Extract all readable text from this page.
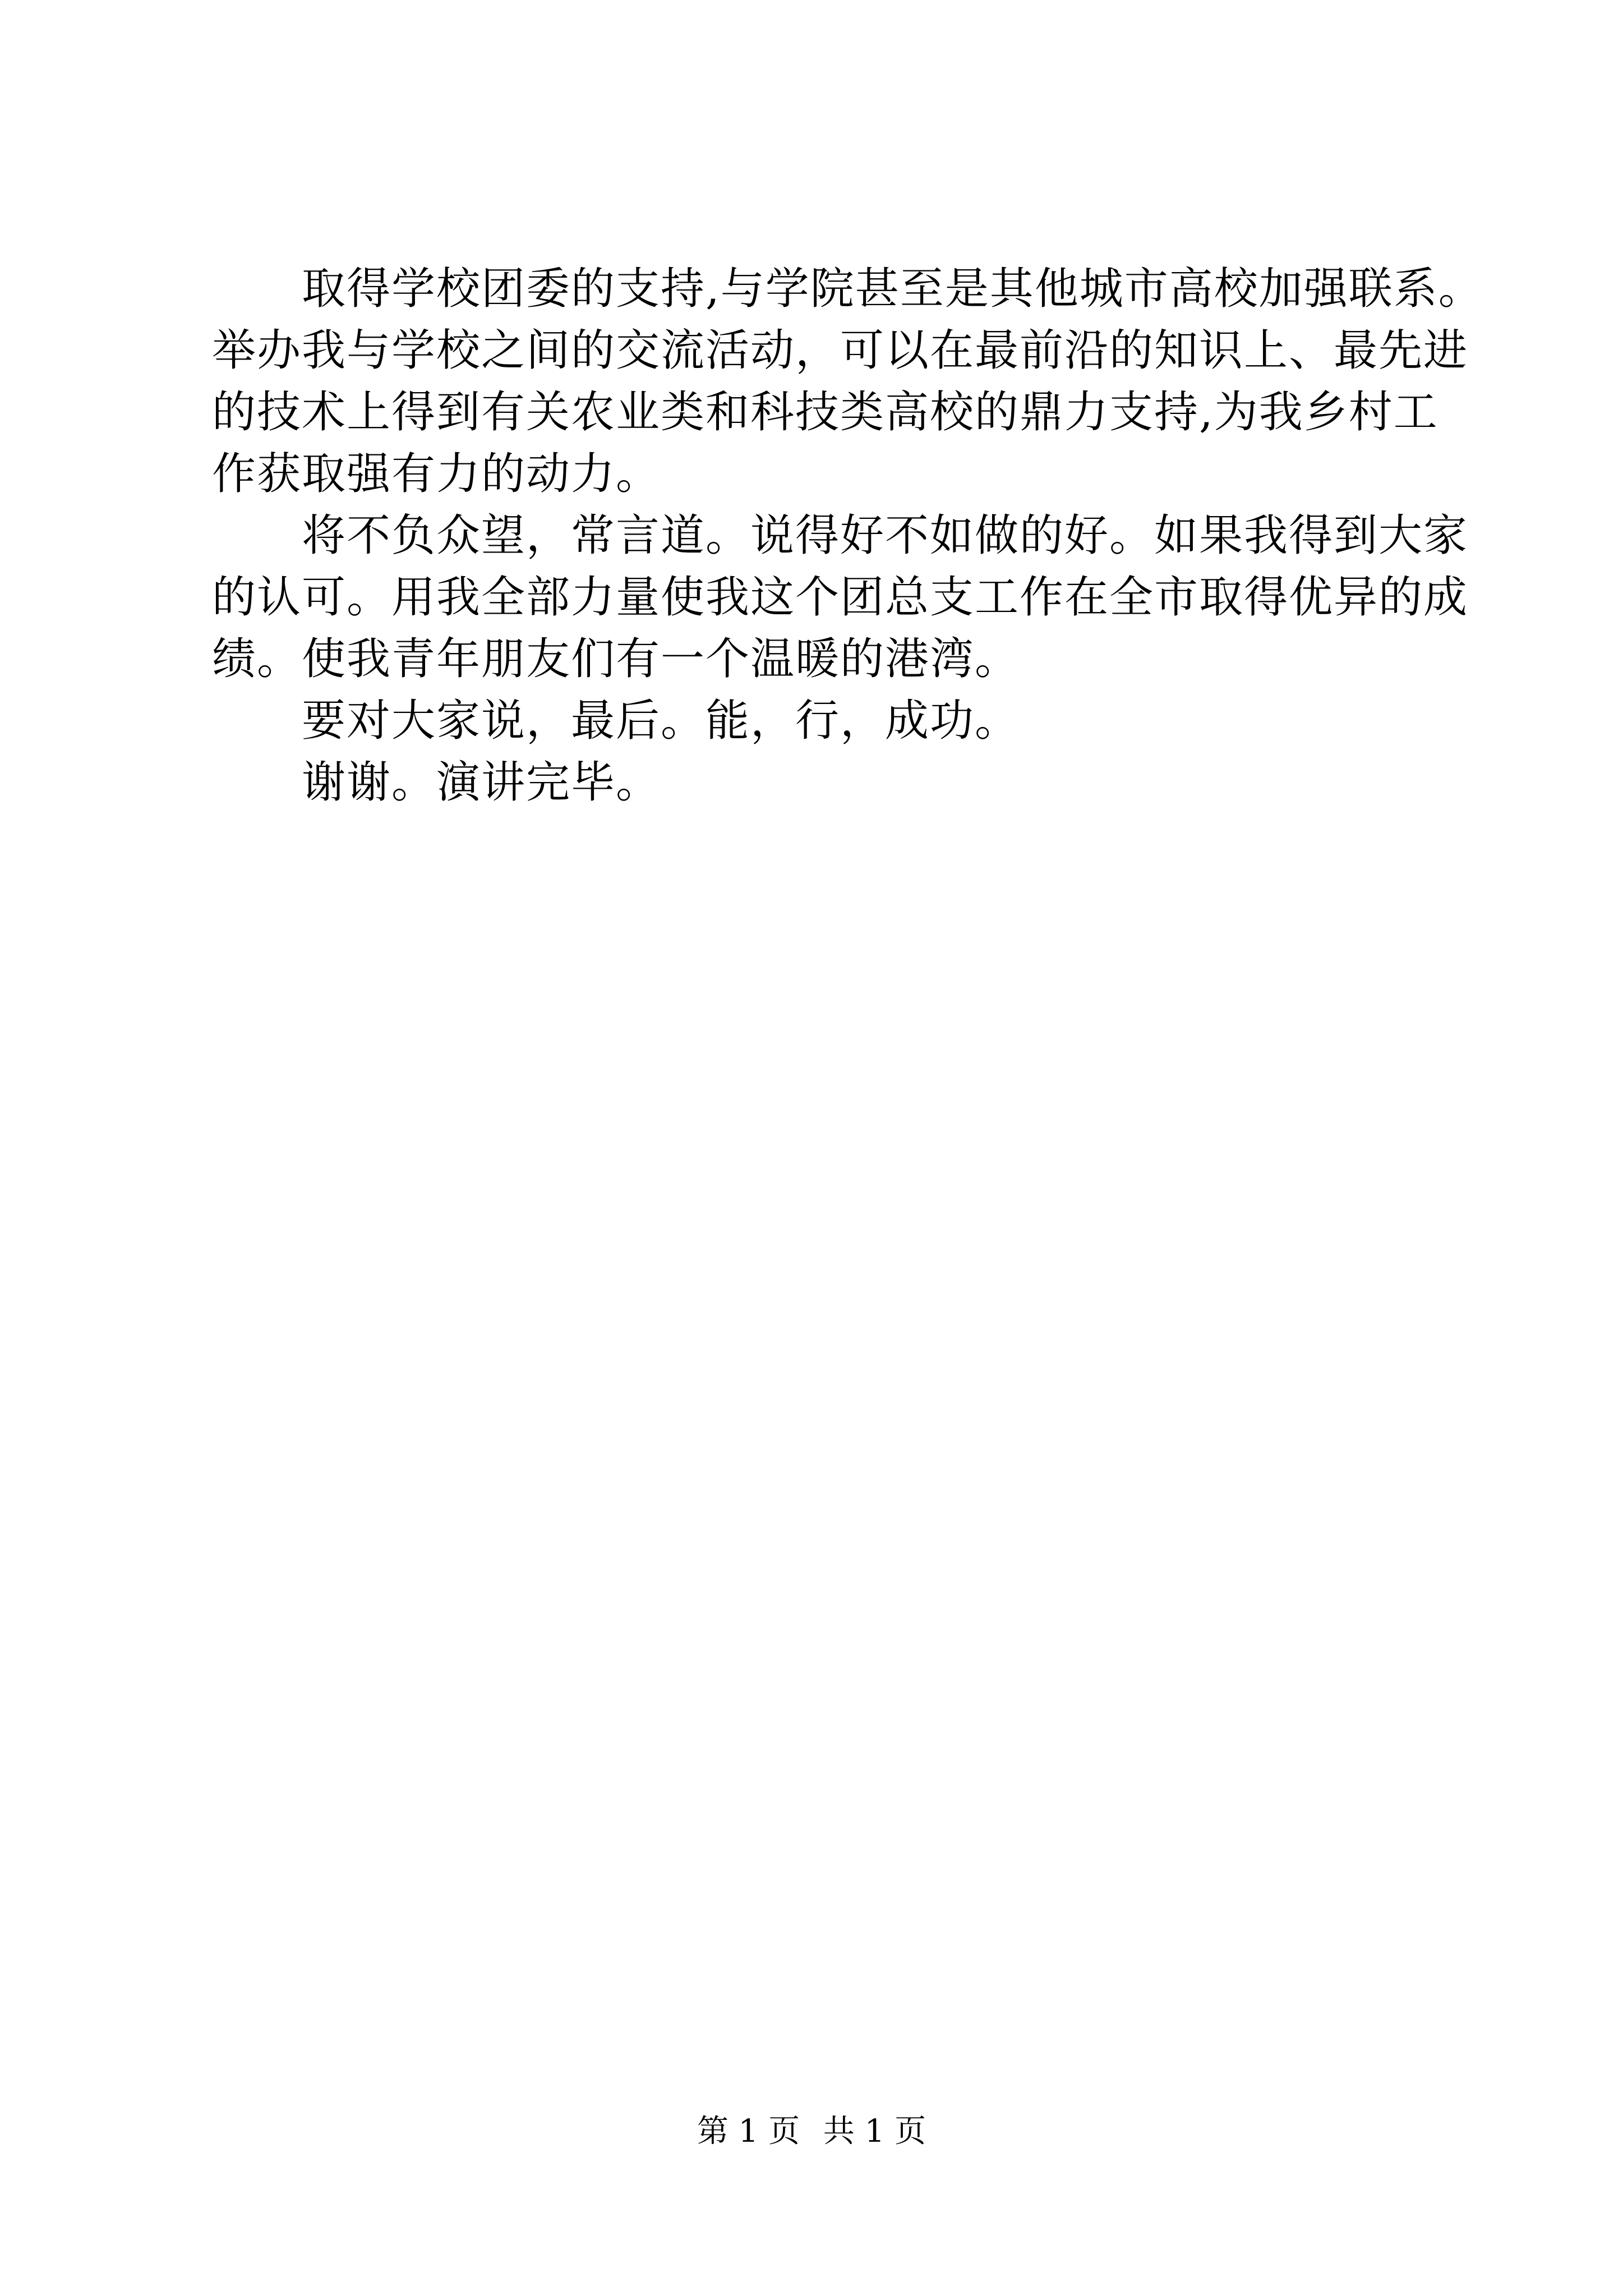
取得学校团委的支持,与学院甚至是其他城市高校加强联系。
举办我与学校之间的交流活动，可以在最前沿的知识上、最先进
的技术上得到有关农业类和科技类高校的鼎力支持,为我乡村工
作获取强有力的动力。
将不负众望，常言道。说得好不如做的好。如果我得到大家
的认可。用我全部力量使我这个团总支工作在全市取得优异的成
绩。使我青年朋友们有一个温暖的港湾。
要对大家说，最后。能，行，成功。
谢谢。演讲完毕。
第 1 页 共 1 页
